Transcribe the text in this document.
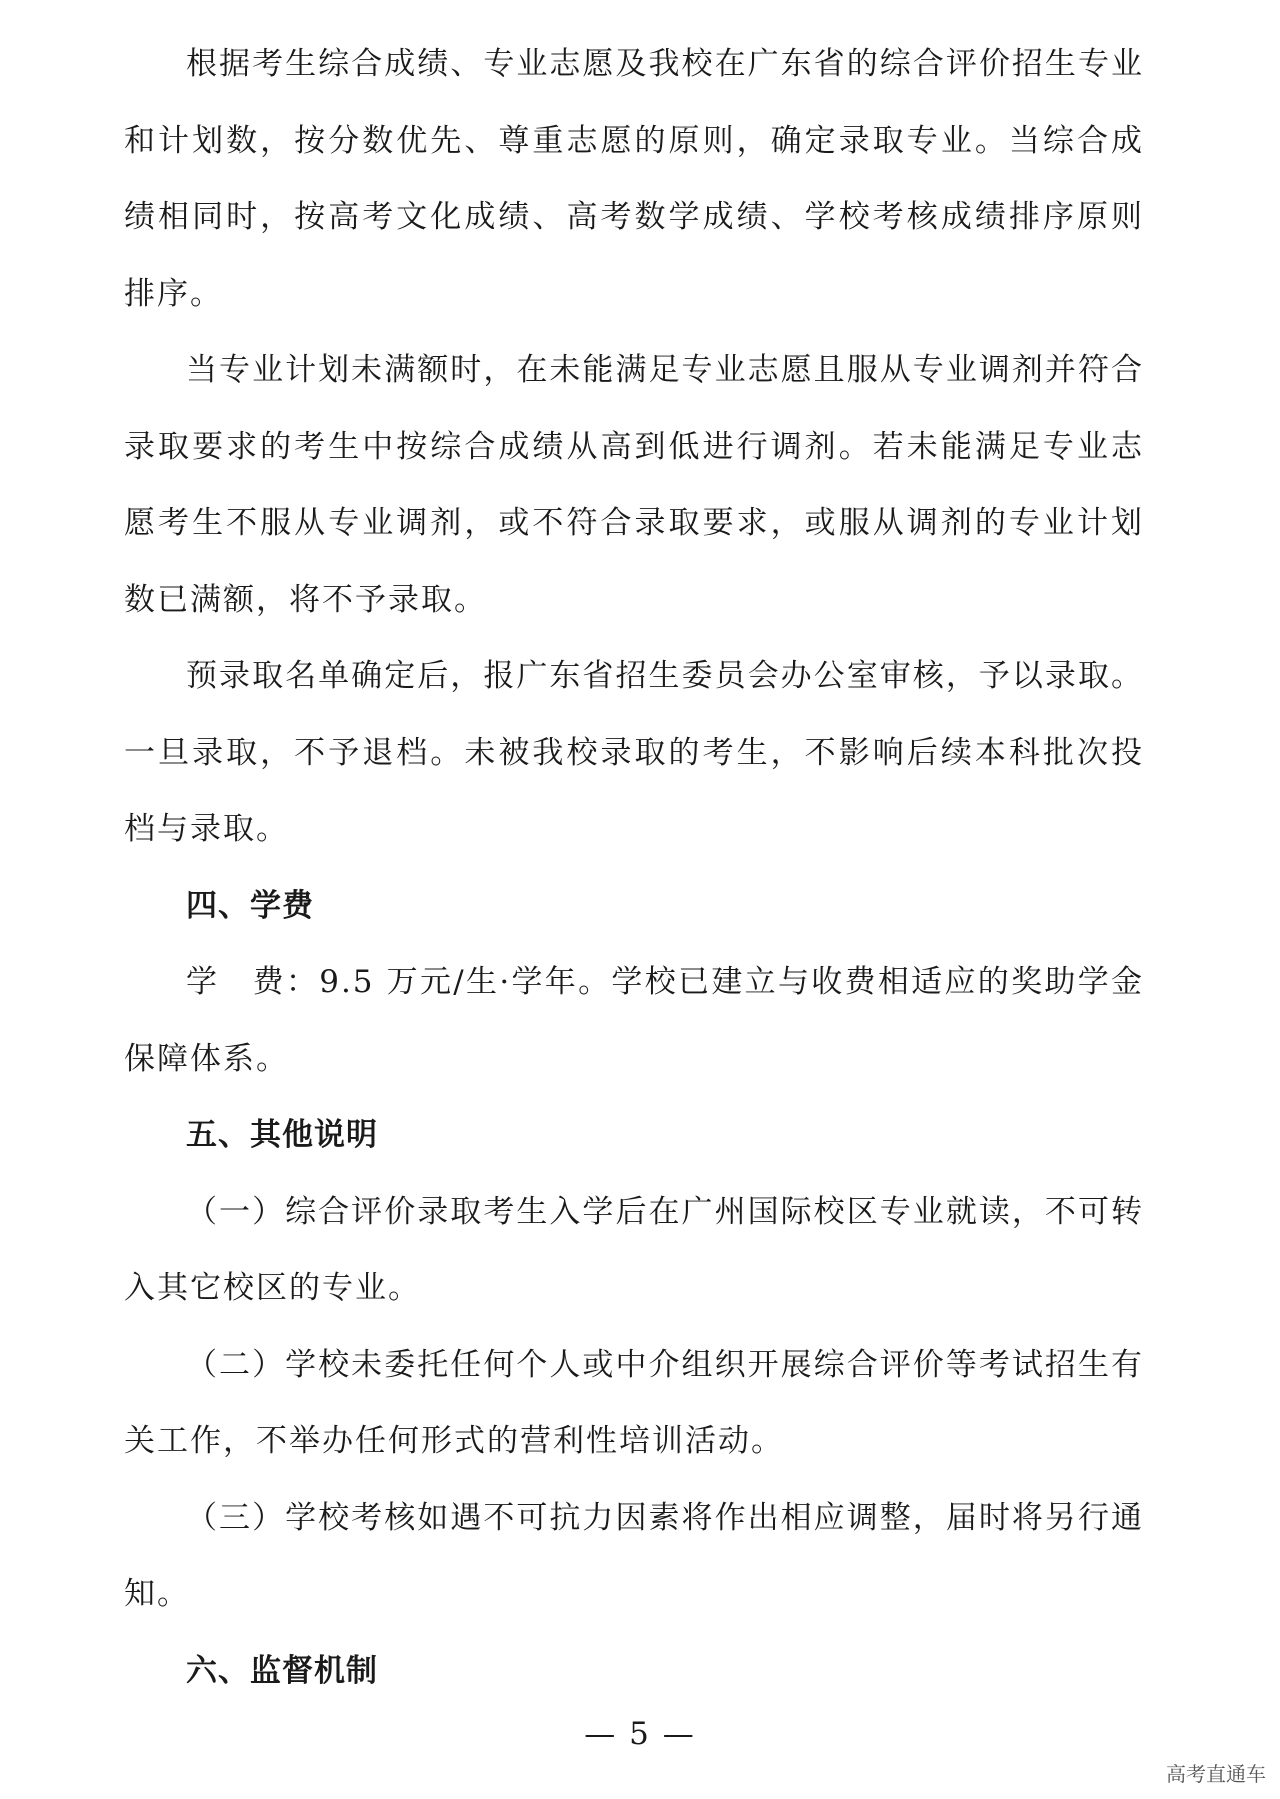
根据考生综合成绩、专业志愿及我校在广东省的综合评价招生专业和计划数，按分数优先、尊重志愿的原则，确定录取专业。当综合成绩相同时，按高考文化成绩、高考数学成绩、学校考核成绩排序原则排序。

当专业计划未满额时，在未能满足专业志愿且服从专业调剂并符合录取要求的考生中按综合成绩从高到低进行调剂。若未能满足专业志愿考生不服从专业调剂，或不符合录取要求，或服从调剂的专业计划数已满额，将不予录取。

预录取名单确定后，报广东省招生委员会办公室审核，予以录取。一旦录取，不予退档。未被我校录取的考生，不影响后续本科批次投档与录取。

四、学费

学　费：9.5 万元/生·学年。学校已建立与收费相适应的奖助学金保障体系。

五、其他说明

（一）综合评价录取考生入学后在广州国际校区专业就读，不可转入其它校区的专业。

（二）学校未委托任何个人或中介组织开展综合评价等考试招生有关工作，不举办任何形式的营利性培训活动。

（三）学校考核如遇不可抗力因素将作出相应调整，届时将另行通知。

六、监督机制

— 5 —
高考直通车
